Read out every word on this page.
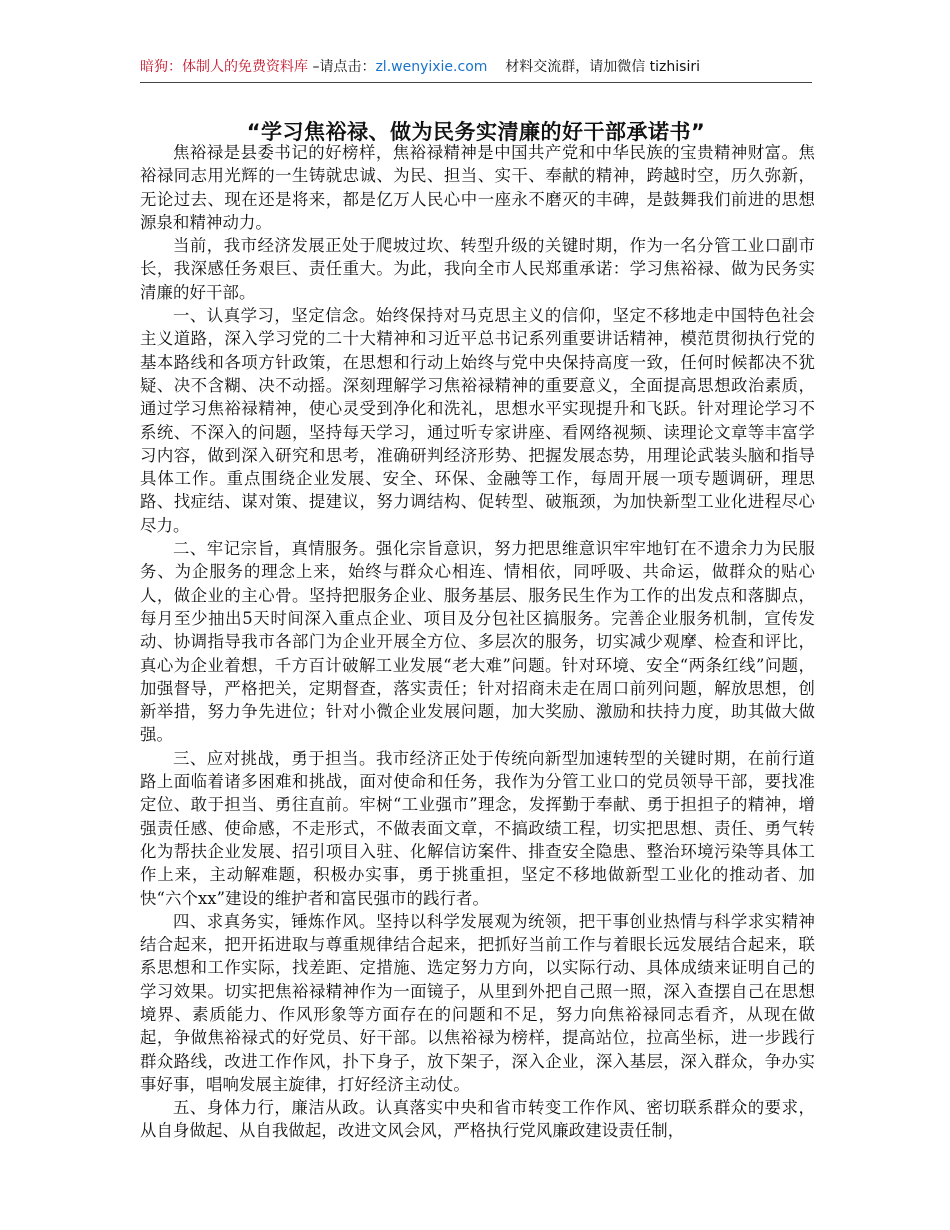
暗狗：体制人的免费资料库 –请点击：zl.wenyixie.com    材料交流群，请加微信 tizhisiri
“学习焦裕禄、做为民务实清廉的好干部承诺书”

焦裕禄是县委书记的好榜样，焦裕禄精神是中国共产党和中华民族的宝贵精神财富。焦裕禄同志用光辉的一生铸就忠诚、为民、担当、实干、奉献的精神，跨越时空，历久弥新，无论过去、现在还是将来，都是亿万人民心中一座永不磨灭的丰碑，是鼓舞我们前进的思想源泉和精神动力。

当前，我市经济发展正处于爬坡过坎、转型升级的关键时期，作为一名分管工业口副市长，我深感任务艰巨、责任重大。为此，我向全市人民郑重承诺：学习焦裕禄、做为民务实清廉的好干部。

一、认真学习，坚定信念。始终保持对马克思主义的信仰，坚定不移地走中国特色社会主义道路，深入学习党的二十大精神和习近平总书记系列重要讲话精神，模范贯彻执行党的基本路线和各项方针政策，在思想和行动上始终与党中央保持高度一致，任何时候都决不犹疑、决不含糊、决不动摇。深刻理解学习焦裕禄精神的重要意义，全面提高思想政治素质，通过学习焦裕禄精神，使心灵受到净化和洗礼，思想水平实现提升和飞跃。针对理论学习不系统、不深入的问题，坚持每天学习，通过听专家讲座、看网络视频、读理论文章等丰富学习内容，做到深入研究和思考，准确研判经济形势、把握发展态势，用理论武装头脑和指导具体工作。重点围绕企业发展、安全、环保、金融等工作，每周开展一项专题调研，理思路、找症结、谋对策、提建议，努力调结构、促转型、破瓶颈，为加快新型工业化进程尽心尽力。

二、牢记宗旨，真情服务。强化宗旨意识，努力把思维意识牢牢地钉在不遗余力为民服务、为企服务的理念上来，始终与群众心相连、情相依，同呼吸、共命运，做群众的贴心人，做企业的主心骨。坚持把服务企业、服务基层、服务民生作为工作的出发点和落脚点，每月至少抽出5天时间深入重点企业、项目及分包社区搞服务。完善企业服务机制，宣传发动、协调指导我市各部门为企业开展全方位、多层次的服务，切实减少观摩、检查和评比，真心为企业着想，千方百计破解工业发展“老大难”问题。针对环境、安全“两条红线”问题，加强督导，严格把关，定期督查，落实责任；针对招商未走在周口前列问题，解放思想，创新举措，努力争先进位；针对小微企业发展问题，加大奖励、激励和扶持力度，助其做大做强。

三、应对挑战，勇于担当。我市经济正处于传统向新型加速转型的关键时期，在前行道路上面临着诸多困难和挑战，面对使命和任务，我作为分管工业口的党员领导干部，要找准定位、敢于担当、勇往直前。牢树“工业强市”理念，发挥勤于奉献、勇于担担子的精神，增强责任感、使命感，不走形式，不做表面文章，不搞政绩工程，切实把思想、责任、勇气转化为帮扶企业发展、招引项目入驻、化解信访案件、排查安全隐患、整治环境污染等具体工作上来，主动解难题，积极办实事，勇于挑重担，坚定不移地做新型工业化的推动者、加快“六个xx”建设的维护者和富民强市的践行者。

四、求真务实，锤炼作风。坚持以科学发展观为统领，把干事创业热情与科学求实精神结合起来，把开拓进取与尊重规律结合起来，把抓好当前工作与着眼长远发展结合起来，联系思想和工作实际，找差距、定措施、选定努力方向，以实际行动、具体成绩来证明自己的学习效果。切实把焦裕禄精神作为一面镜子，从里到外把自己照一照，深入查摆自己在思想境界、素质能力、作风形象等方面存在的问题和不足，努力向焦裕禄同志看齐，从现在做起，争做焦裕禄式的好党员、好干部。以焦裕禄为榜样，提高站位，拉高坐标，进一步践行群众路线，改进工作作风，扑下身子，放下架子，深入企业，深入基层，深入群众，争办实事好事，唱响发展主旋律，打好经济主动仗。

五、身体力行，廉洁从政。认真落实中央和省市转变工作作风、密切联系群众的要求，从自身做起、从自我做起，改进文风会风，严格执行党风廉政建设责任制，
